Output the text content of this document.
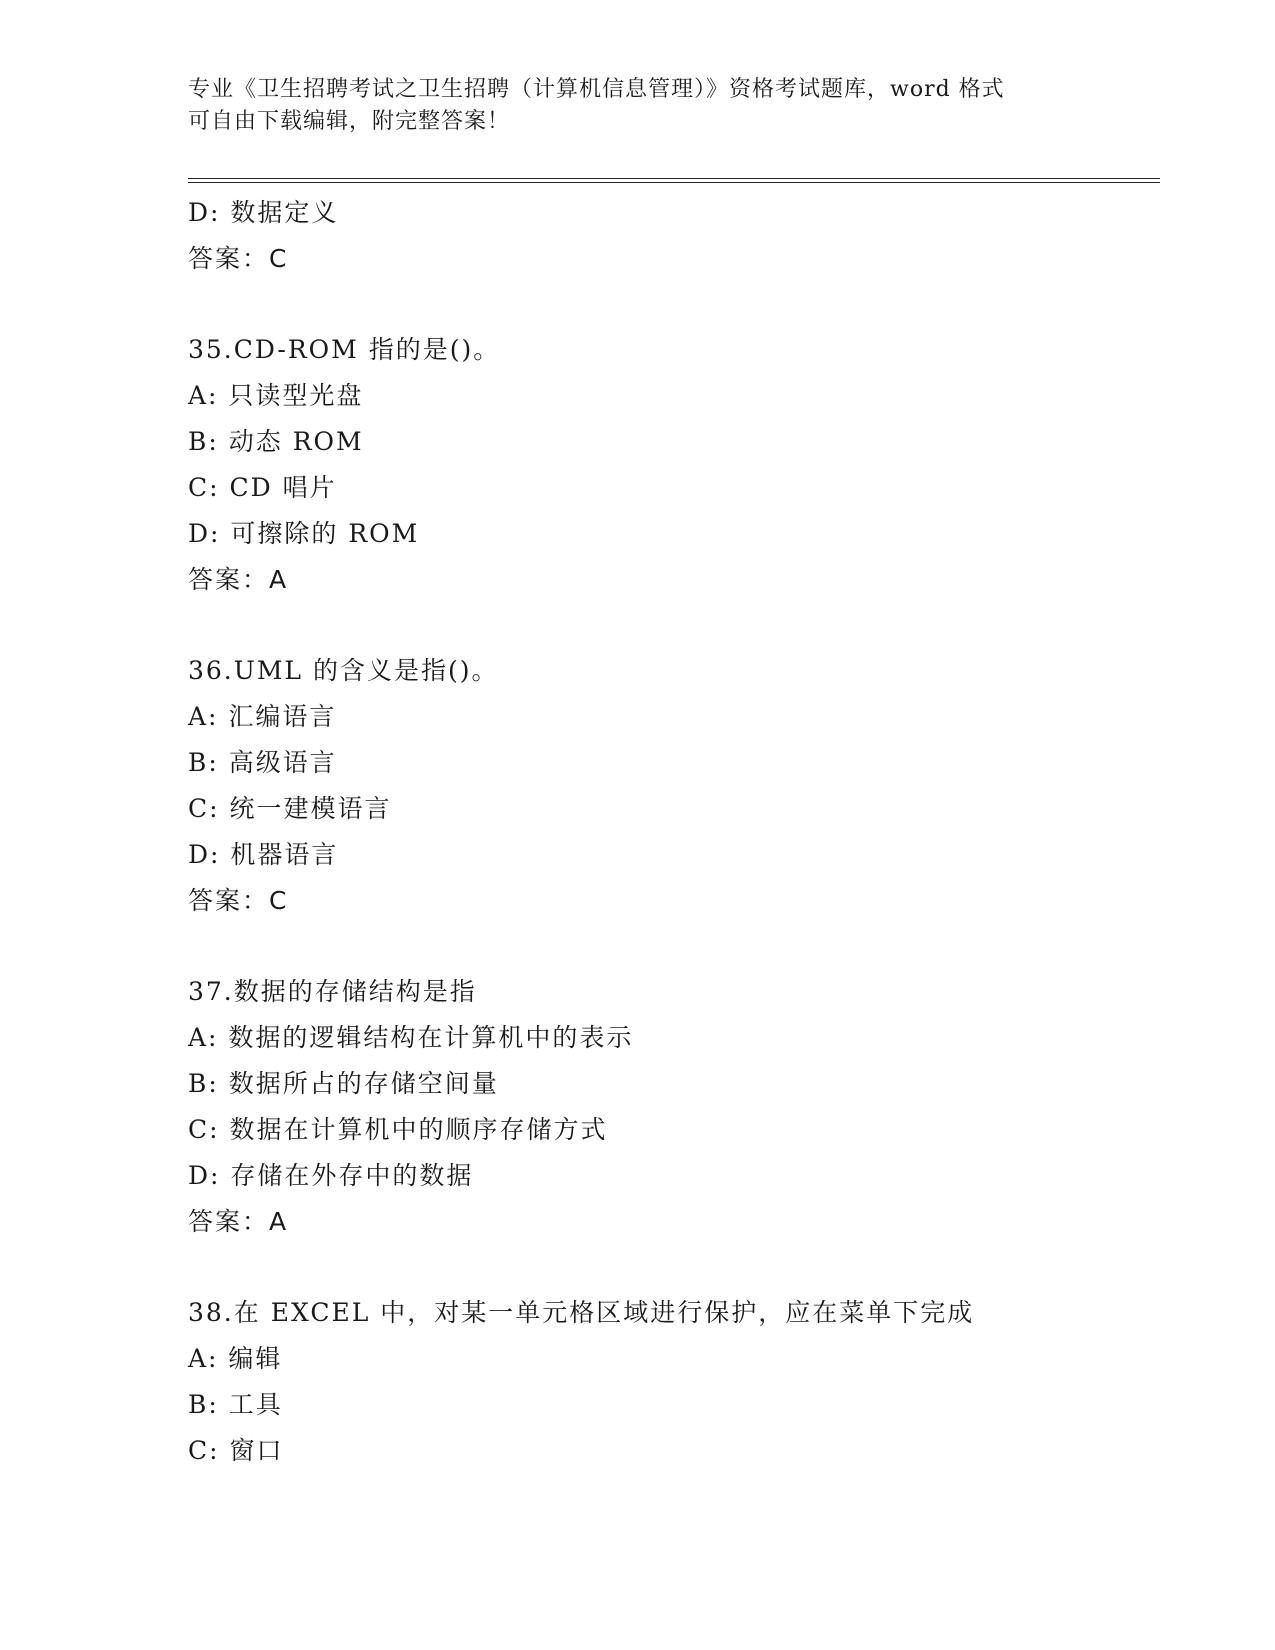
专业《卫生招聘考试之卫生招聘（计算机信息管理）》资格考试题库，word 格式
可自由下载编辑，附完整答案！
D: 数据定义
答案：C
35.CD-ROM 指的是()。
A: 只读型光盘
B: 动态 ROM
C: CD 唱片
D: 可擦除的 ROM
答案：A
36.UML 的含义是指()。
A: 汇编语言
B: 高级语言
C: 统一建模语言
D: 机器语言
答案：C
37.数据的存储结构是指
A: 数据的逻辑结构在计算机中的表示
B: 数据所占的存储空间量
C: 数据在计算机中的顺序存储方式
D: 存储在外存中的数据
答案：A
38.在 EXCEL 中，对某一单元格区域进行保护，应在菜单下完成
A: 编辑
B: 工具
C: 窗口
